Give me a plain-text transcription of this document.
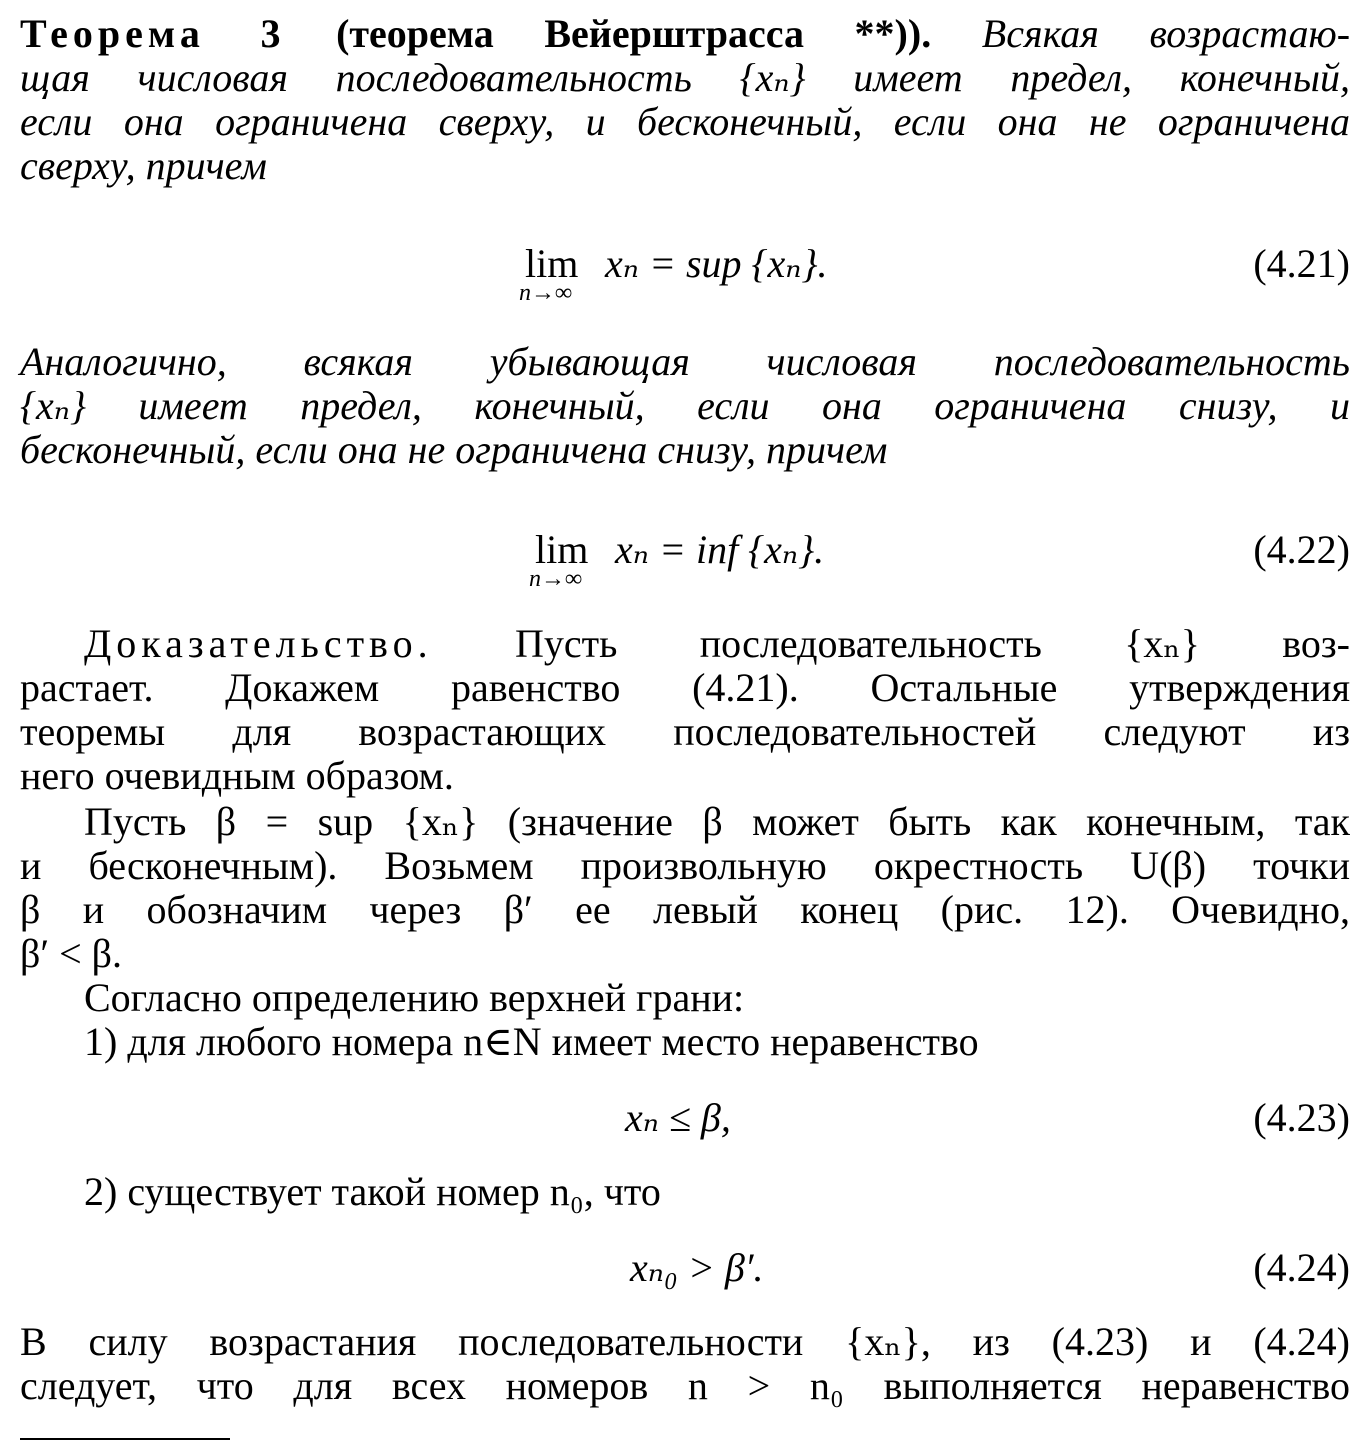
Теорема 3 (теорема Вейерштрасса **)). Всякая возрастаю-
щая числовая последовательность {xₙ} имеет предел, конечный,
если она ограничена сверху, и бесконечный, если она не ограничена
сверху, причем
lim
n→∞
xₙ = sup {xₙ}.	(4.21)
Аналогично, всякая убывающая числовая последовательность
{xₙ} имеет предел, конечный, если она ограничена снизу, и
бесконечный, если она не ограничена снизу, причем
lim
n→∞
xₙ = inf {xₙ}.	(4.22)
Доказательство. Пусть последовательность {xₙ} воз-
растает. Докажем равенство (4.21). Остальные утверждения
теоремы для возрастающих последовательностей следуют из
него очевидным образом.
Пусть β = sup {xₙ} (значение β может быть как конечным, так
и бесконечным). Возьмем произвольную окрестность U(β) точки
β и обозначим через β′ ее левый конец (рис. 12). Очевидно,
β′ < β.
Согласно определению верхней грани:
1) для любого номера n∈N имеет место неравенство
xₙ ≤ β,	(4.23)
2) существует такой номер n₀, что
xₙ₀ > β′.	(4.24)
В силу возрастания последовательности {xₙ}, из (4.23) и (4.24)
следует, что для всех номеров n > n₀ выполняется неравенство
